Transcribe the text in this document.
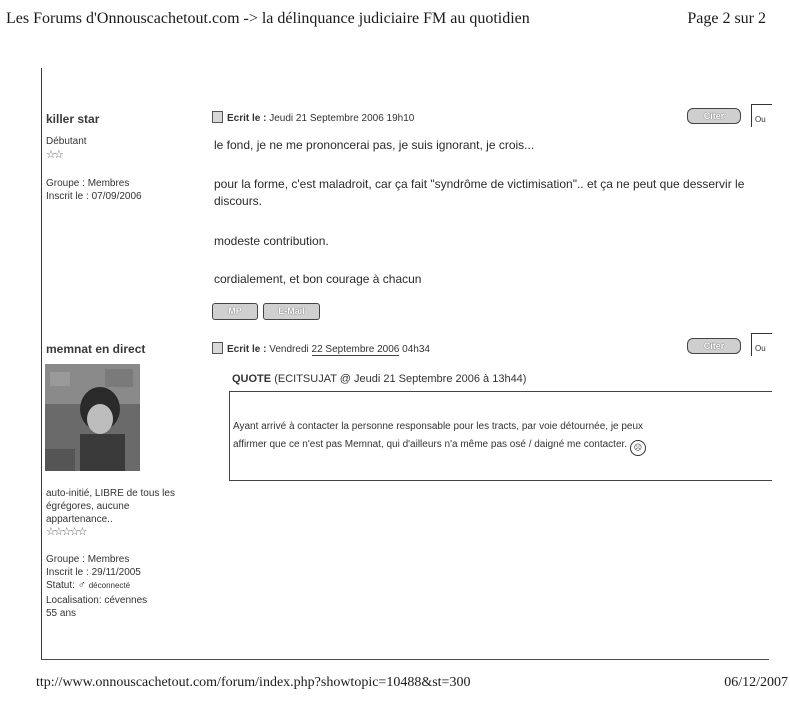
Les Forums d'Onnouscachetout.com -> la délinquance judiciaire FM au quotidien	Page 2 sur 2
killer star
Débutant
☆☆
Groupe : Membres
Inscrit le : 07/09/2006
Ecrit le : Jeudi 21 Septembre 2006 19h10	Citer	Ou
le fond, je ne me prononcerai pas, je suis ignorant, je crois...
pour la forme, c'est maladroit, car ça fait "syndrôme de victimisation".. et ça ne peut que desservir le discours.
modeste contribution.
cordialement, et bon courage à chacun
MP	E-Mail
memnat en direct
auto-initié, LIBRE de tous les égrégores, aucune appartenance..
☆☆☆☆☆
Groupe : Membres
Inscrit le : 29/11/2005
Statut: ♂ déconnecté
Localisation: cévennes
55 ans
Ecrit le : Vendredi 22 Septembre 2006 04h34	Citer	Ou
QUOTE (ECITSUJAT @ Jeudi 21 Septembre 2006 à 13h44)
Ayant arrivé à contacter la personne responsable pour les tracts, par voie détournée, je peux
affirmer que ce n'est pas Memnat, qui d'ailleurs n'a même pas osé / daigné me contacter. ☹
ttp://www.onnouscachetout.com/forum/index.php?showtopic=10488&st=300	06/12/2007
